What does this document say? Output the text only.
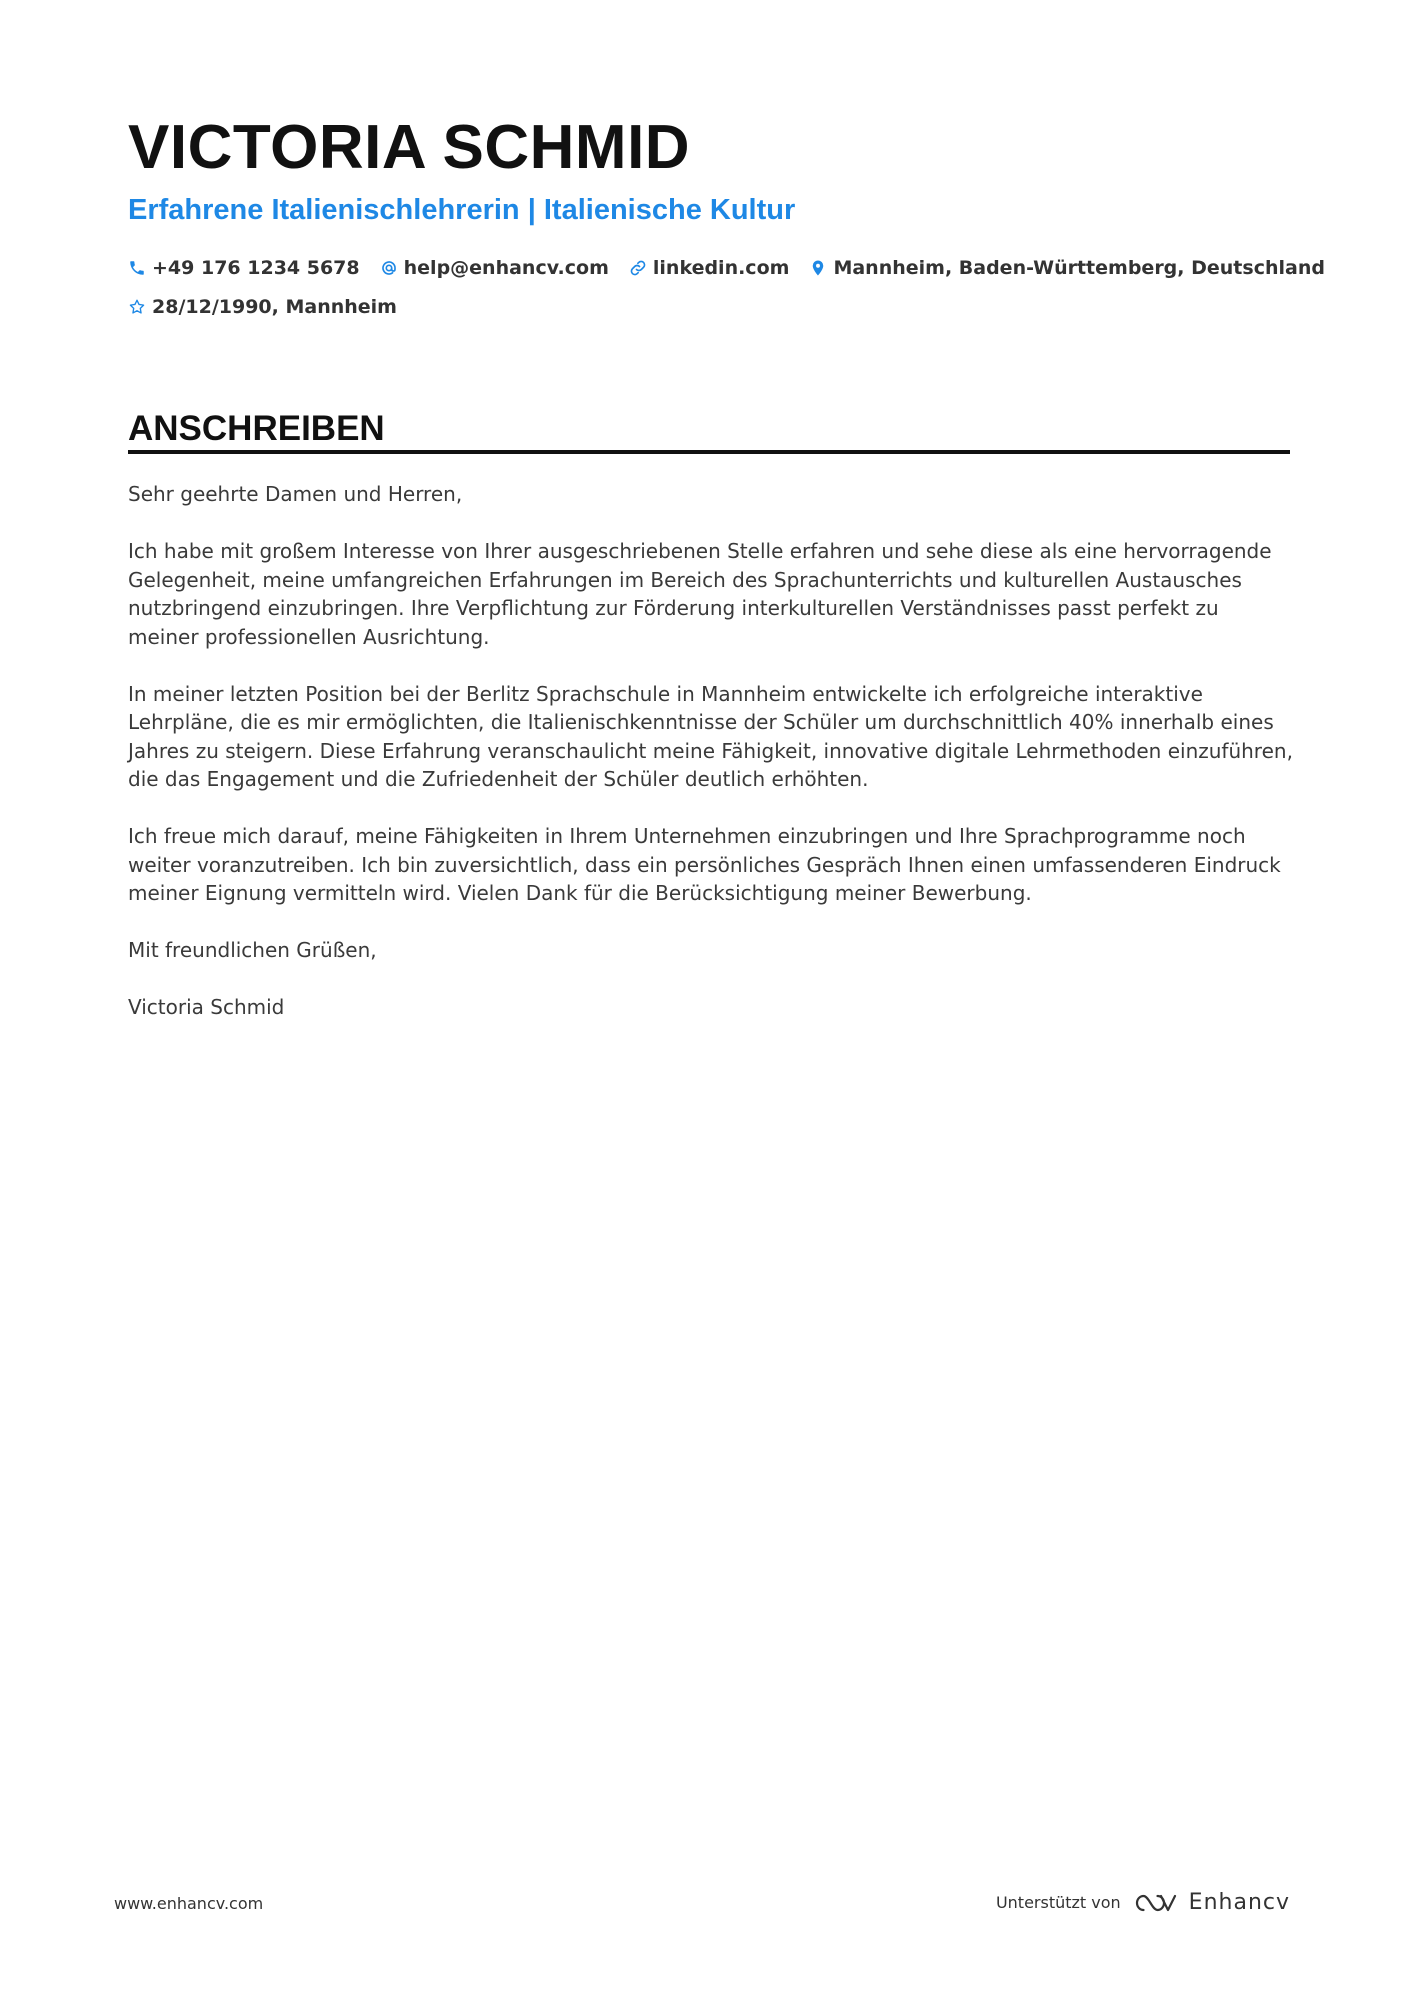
VICTORIA SCHMID
Erfahrene Italienischlehrerin | Italienische Kultur
+49 176 1234 5678 help@enhancv.com linkedin.com Mannheim, Baden-Württemberg, Deutschland
28/12/1990, Mannheim
ANSCHREIBEN

Sehr geehrte Damen und Herren,

Ich habe mit großem Interesse von Ihrer ausgeschriebenen Stelle erfahren und sehe diese als eine hervorragende Gelegenheit, meine umfangreichen Erfahrungen im Bereich des Sprachunterrichts und kulturellen Austausches nutzbringend einzubringen. Ihre Verpflichtung zur Förderung interkulturellen Verständnisses passt perfekt zu meiner professionellen Ausrichtung.

In meiner letzten Position bei der Berlitz Sprachschule in Mannheim entwickelte ich erfolgreiche interaktive Lehrpläne, die es mir ermöglichten, die Italienischkenntnisse der Schüler um durchschnittlich 40% innerhalb eines Jahres zu steigern. Diese Erfahrung veranschaulicht meine Fähigkeit, innovative digitale Lehrmethoden einzuführen, die das Engagement und die Zufriedenheit der Schüler deutlich erhöhten.

Ich freue mich darauf, meine Fähigkeiten in Ihrem Unternehmen einzubringen und Ihre Sprachprogramme noch weiter voranzutreiben. Ich bin zuversichtlich, dass ein persönliches Gespräch Ihnen einen umfassenderen Eindruck meiner Eignung vermitteln wird. Vielen Dank für die Berücksichtigung meiner Bewerbung.

Mit freundlichen Grüßen,

Victoria Schmid

www.enhancv.com	Unterstützt von	Enhancv
